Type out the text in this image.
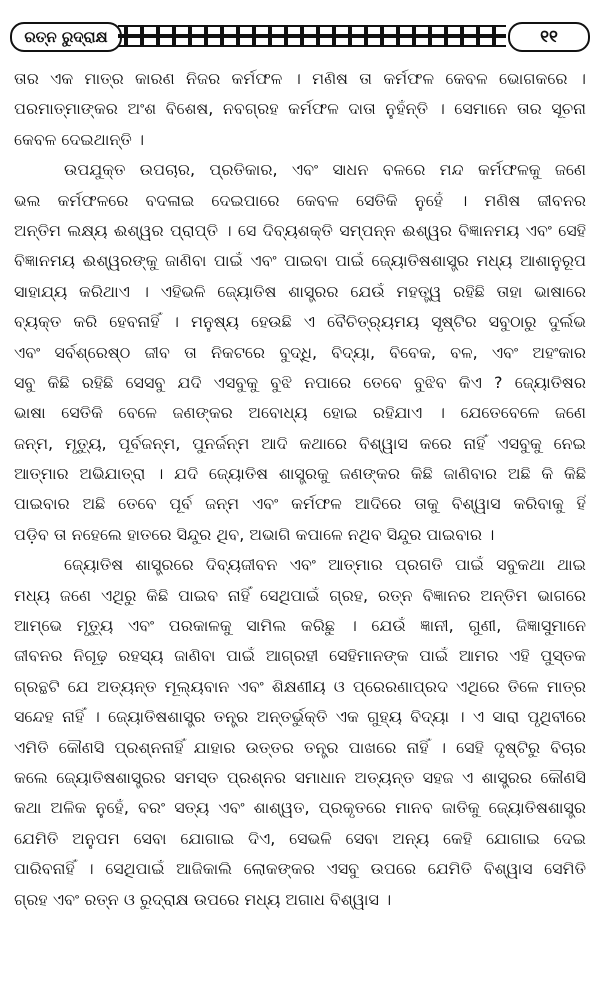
ରତ୍ନ ରୁଦ୍ରାକ୍ଷ	୧୧
ତାର ଏକ ମାତ୍ର କାରଣ ନିଜର କର୍ମଫଳ । ମଣିଷ ତା କର୍ମଫଳ କେବଳ ଭୋଗକରେ ।
ପରମାତ୍ମାଙ୍କର ଅଂଶ ବିଶେଷ, ନବଗ୍ରହ କର୍ମଫଳ ଦାତା ନୁହଁନ୍ତି । ସେମାନେ ତାର ସୂଚନା
କେବଳ ଦେଇଥାନ୍ତି ।
ଉପଯୁକ୍ତ ଉପଚାର, ପ୍ରତିକାର, ଏବଂ ସାଧନ ବଳରେ ମନ୍ଦ କର୍ମଫଳକୁ ଜଣେ
ଭଲ କର୍ମଫଳରେ ବଦଳାଇ ଦେଇପାରେ କେବଳ ସେତିକି ନୁହେଁ । ମଣିଷ ଜୀବନର
ଅନ୍ତିମ ଲକ୍ଷ୍ୟ ଈଶ୍ୱର ପ୍ରାପ୍ତି । ସେ ଦିବ୍ୟଶକ୍ତି ସମ୍ପନ୍ନ ଈଶ୍ୱର ବିଜ୍ଞାନମୟ ଏବଂ ସେହି
ବିଜ୍ଞାନମୟ ଈଶ୍ୱରଙ୍କୁ ଜାଣିବା ପାଇଁ ଏବଂ ପାଇବା ପାଇଁ ଜ୍ୟୋତିଷଶାସ୍ତ୍ର ମଧ୍ୟ ଆଶାନୁରୂପ
ସାହାଯ୍ୟ କରିଥାଏ । ଏହିଭଳି ଜ୍ୟୋତିଷ ଶାସ୍ତ୍ରର ଯେଉଁ ମହତ୍ତ୍ୱ ରହିଛି ତାହା ଭାଷାରେ
ବ୍ୟକ୍ତ କରି ହେବନାହିଁ । ମନୁଷ୍ୟ ହେଉଛି ଏ ବୈଚିତ୍ର୍ୟମୟ ସୃଷ୍ଟିର ସବୁଠାରୁ ଦୁର୍ଲଭ
ଏବଂ ସର୍ବଶ୍ରେଷ୍ଠ ଜୀବ ତା ନିକଟରେ ବୁଦ୍ଧି, ବିଦ୍ୟା, ବିବେକ, ବଳ, ଏବଂ ଅହଂକାର
ସବୁ କିଛି ରହିଛି ସେସବୁ ଯଦି ଏସବୁକୁ ବୁଝି ନପାରେ ତେବେ ବୁଝିବ କିଏ ? ଜ୍ୟୋତିଷର
ଭାଷା ସେତିକି ବେଳେ ଜଣଙ୍କର ଅବୋଧ୍ୟ ହୋଇ ରହିଯାଏ । ଯେତେବେଳେ ଜଣେ
ଜନ୍ମ, ମୃତ୍ୟୁ, ପୂର୍ବଜନ୍ମ, ପୁନର୍ଜନ୍ମ ଆଦି କଥାରେ ବିଶ୍ୱାସ କରେ ନାହିଁ ଏସବୁକୁ ନେଇ
ଆତ୍ମାର ଅଭିଯାତ୍ରା । ଯଦି ଜ୍ୟୋତିଷ ଶାସ୍ତ୍ରକୁ ଜଣଙ୍କର କିଛି ଜାଣିବାର ଅଛି କି କିଛି
ପାଇବାର ଅଛି ତେବେ ପୂର୍ବ ଜନ୍ମ ଏବଂ କର୍ମଫଳ ଆଦିରେ ତାକୁ ବିଶ୍ୱାସ କରିବାକୁ ହିଁ
ପଡ଼ିବ ତା ନହେଲେ ହାତରେ ସିନ୍ଦୁର ଥିବ, ଅଭାଗି କପାଳେ ନଥିବ ସିନ୍ଦୁର ପାଇବାର ।
ଜ୍ୟୋତିଷ ଶାସ୍ତ୍ରରେ ଦିବ୍ୟଜୀବନ ଏବଂ ଆତ୍ମାର ପ୍ରଗତି ପାଇଁ ସବୁକଥା ଥାଇ
ମଧ୍ୟ ଜଣେ ଏଥିରୁ କିଛି ପାଇବ ନାହିଁ ସେଥିପାଇଁ ଗ୍ରହ, ରତ୍ନ ବିଜ୍ଞାନର ଅନ୍ତିମ ଭାଗରେ
ଆମ୍ଭେ ମୃତ୍ୟୁ ଏବଂ ପରକାଳକୁ ସାମିଲ କରିଛୁ । ଯେଉଁ ଜ୍ଞାନୀ, ଗୁଣୀ, ଜିଜ୍ଞାସୁମାନେ
ଜୀବନର ନିଗୂଢ଼ ରହସ୍ୟ ଜାଣିବା ପାଇଁ ଆଗ୍ରହୀ ସେହିମାନଙ୍କ ପାଇଁ ଆମର ଏହି ପୁସ୍ତକ
ଗ୍ରନ୍ଥଟି ଯେ ଅତ୍ୟନ୍ତ ମୂଲ୍ୟବାନ ଏବଂ ଶିକ୍ଷଣୀୟ ଓ ପ୍ରେରଣାପ୍ରଦ ଏଥିରେ ତିଳେ ମାତ୍ର
ସନ୍ଦେହ ନାହିଁ । ଜ୍ୟୋତିଷଶାସ୍ତ୍ର ତନ୍ତ୍ର ଅନ୍ତର୍ଭୁକ୍ତି ଏକ ଗୁହ୍ୟ ବିଦ୍ୟା । ଏ ସାରା ପୃଥିବୀରେ
ଏମିତି କୌଣସି ପ୍ରଶ୍ନନାହିଁ ଯାହାର ଉତ୍ତର ତନ୍ତ୍ର ପାଖରେ ନାହିଁ । ସେହି ଦୃଷ୍ଟିରୁ ବିଚାର
କଲେ ଜ୍ୟୋତିଷଶାସ୍ତ୍ରର ସମସ୍ତ ପ୍ରଶ୍ନର ସମାଧାନ ଅତ୍ୟନ୍ତ ସହଜ ଏ ଶାସ୍ତ୍ରର କୌଣସି
କଥା ଅଳିକ ନୁହେଁ, ବରଂ ସତ୍ୟ ଏବଂ ଶାଶ୍ୱତ, ପ୍ରକୃତରେ ମାନବ ଜାତିକୁ ଜ୍ୟୋତିଷଶାସ୍ତ୍ର
ଯେମିତି ଅନୁପମ ସେବା ଯୋଗାଇ ଦିଏ, ସେଭଳି ସେବା ଅନ୍ୟ କେହି ଯୋଗାଇ ଦେଇ
ପାରିବନାହିଁ । ସେଥିପାଇଁ ଆଜିକାଲି ଲୋକଙ୍କର ଏସବୁ ଉପରେ ଯେମିତି ବିଶ୍ୱାସ ସେମିତି
ଗ୍ରହ ଏବଂ ରତ୍ନ ଓ ରୁଦ୍ରାକ୍ଷ ଉପରେ ମଧ୍ୟ ଅଗାଧ ବିଶ୍ୱାସ ।
